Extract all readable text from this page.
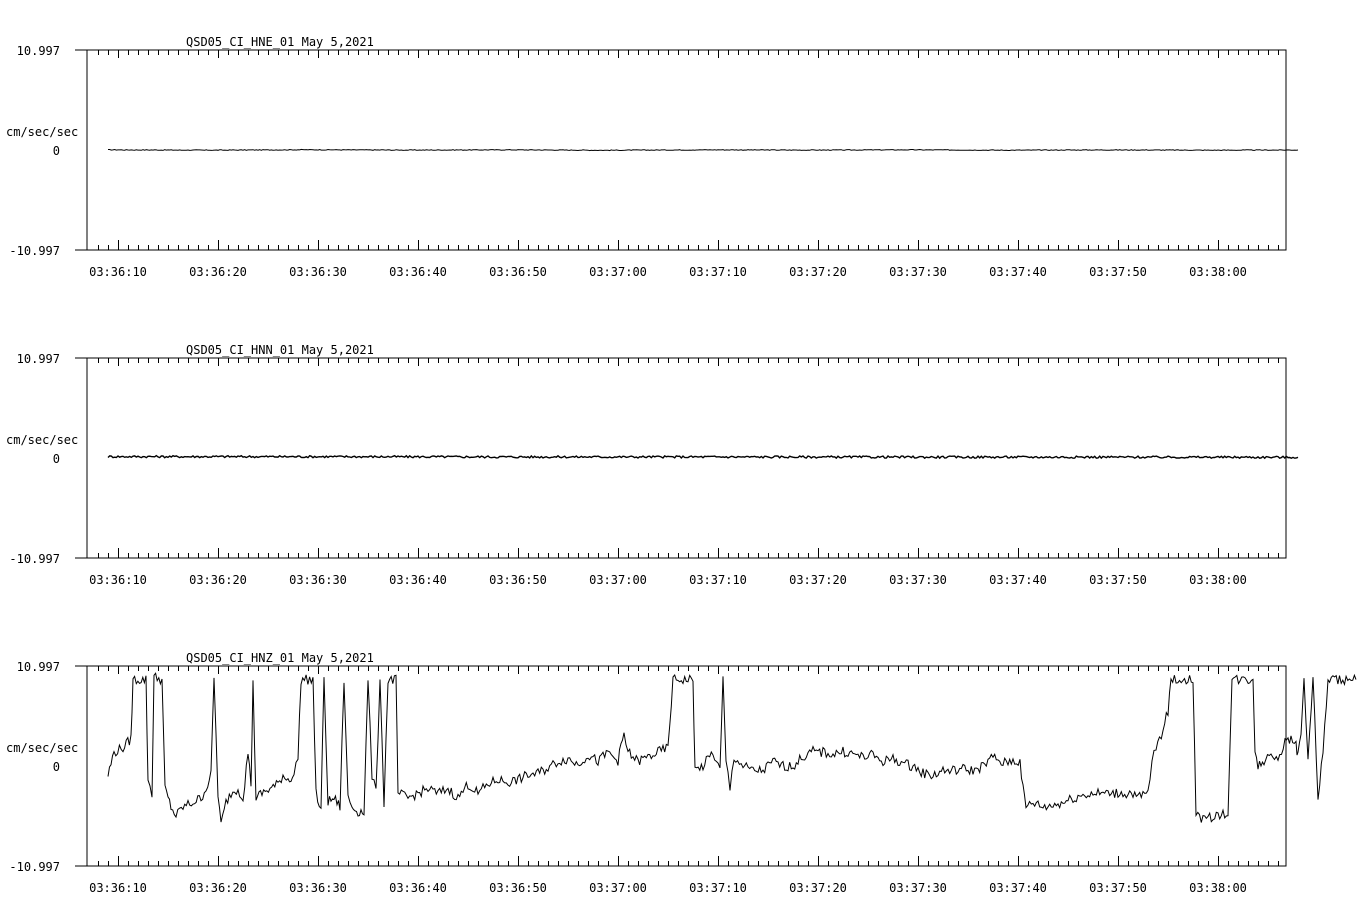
QSD05_CI_HNE_01 May 5,2021
cm/sec/sec
10.997
0
-10.997
03:36:10	03:36:20	03:36:30	03:36:40	03:36:50	03:37:00	03:37:10	03:37:20	03:37:30	03:37:40	03:37:50	03:38:00
QSD05_CI_HNN_01 May 5,2021
cm/sec/sec
10.997
0
-10.997
03:36:10	03:36:20	03:36:30	03:36:40	03:36:50	03:37:00	03:37:10	03:37:20	03:37:30	03:37:40	03:37:50	03:38:00
QSD05_CI_HNZ_01 May 5,2021
cm/sec/sec
10.997
0
-10.997
03:36:10	03:36:20	03:36:30	03:36:40	03:36:50	03:37:00	03:37:10	03:37:20	03:37:30	03:37:40	03:37:50	03:38:00
